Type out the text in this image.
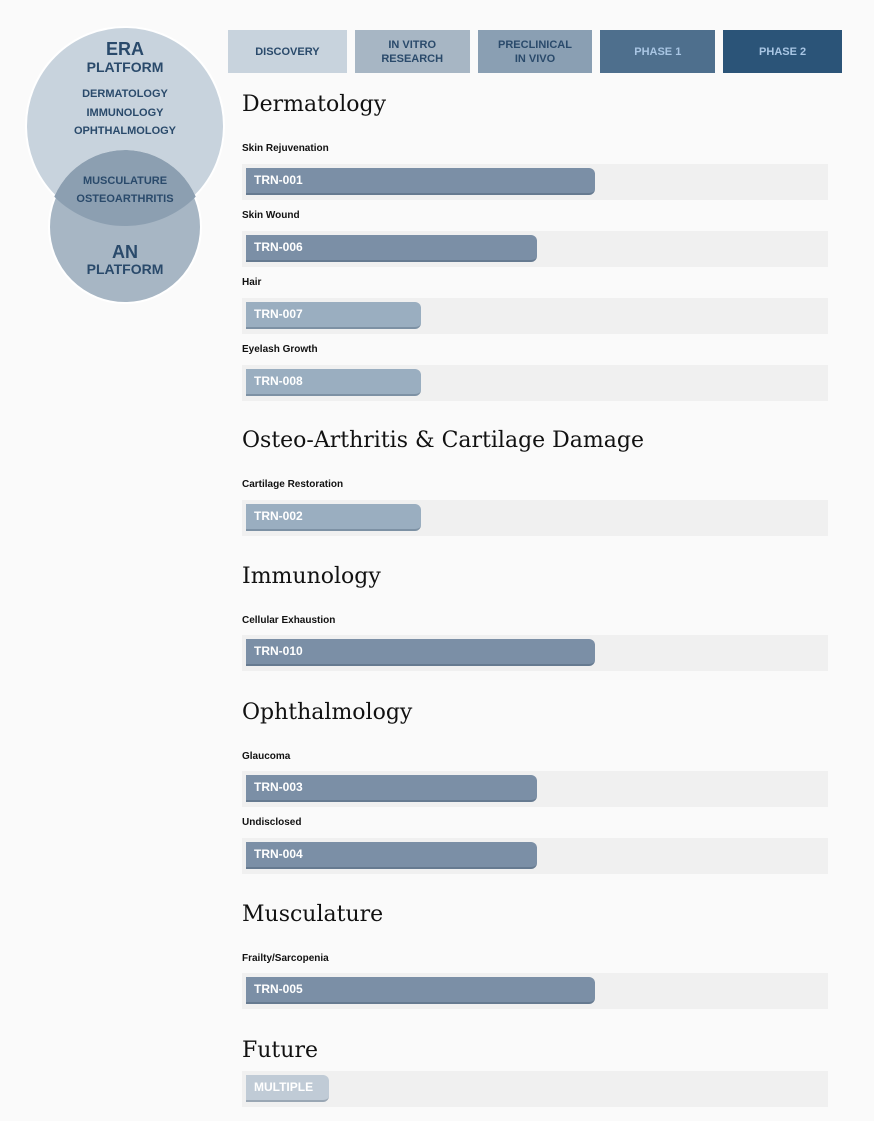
ERA
PLATFORM
DERMATOLOGY
IMMUNOLOGY
OPHTHALMOLOGY
MUSCULATURE
OSTEOARTHRITIS
AN
PLATFORM
DISCOVERY
IN VITRO
RESEARCH
PRECLINICAL
IN VIVO
PHASE 1	PHASE 2
Dermatology
Skin Rejuvenation
TRN-001
Skin Wound
TRN-006
Hair
TRN-007
Eyelash Growth
TRN-008
Osteo-Arthritis & Cartilage Damage
Cartilage Restoration
TRN-002
Immunology
Cellular Exhaustion
TRN-010
Ophthalmology
Glaucoma
TRN-003
Undisclosed
TRN-004
Musculature
Frailty/Sarcopenia
TRN-005
Future
MULTIPLE
